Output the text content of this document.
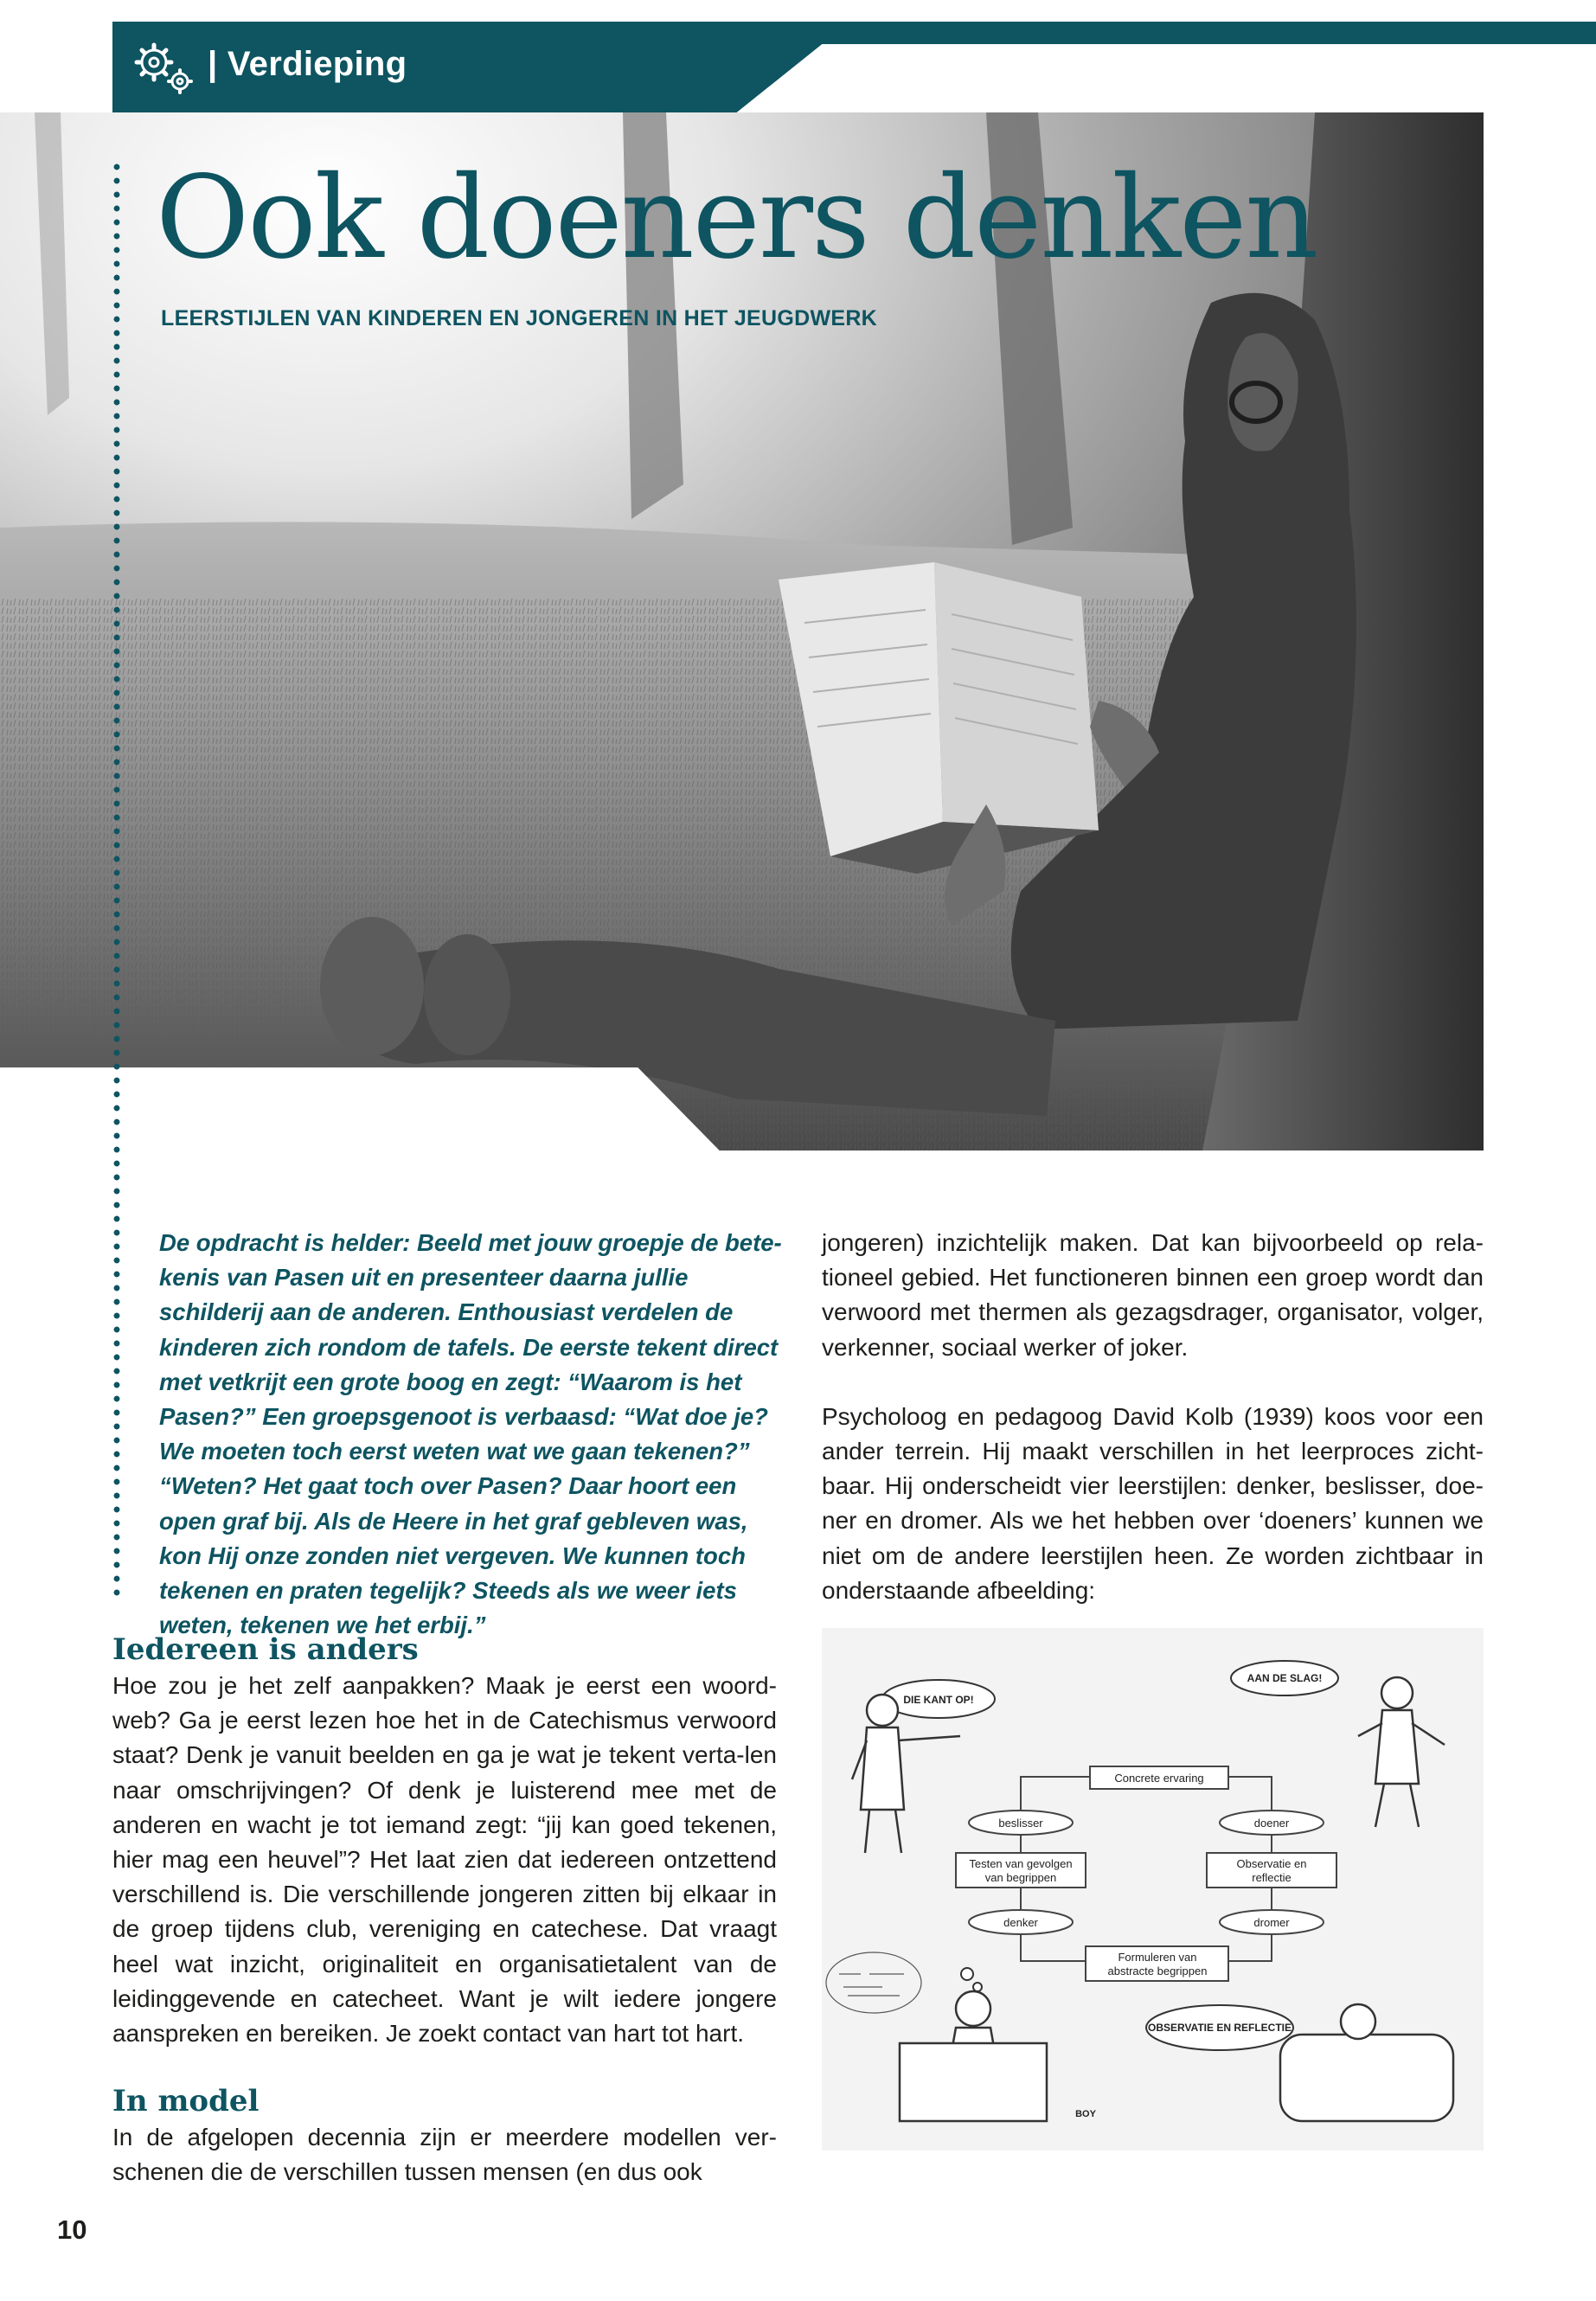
| Verdieping
Ook doeners denken
LEERSTIJLEN VAN KINDEREN EN JONGEREN IN HET JEUGDWERK

De opdracht is helder: Beeld met jouw groepje de bete-kenis van Pasen uit en presenteer daarna jullie schilderij aan de anderen. Enthousiast verdelen de kinderen zich rondom de tafels. De eerste tekent direct met vetkrijt een grote boog en zegt: “Waarom is het Pasen?” Een groepsgenoot is verbaasd: “Wat doe je? We moeten toch eerst weten wat we gaan tekenen?” “Weten? Het gaat toch over Pasen? Daar hoort een open graf bij. Als de Heere in het graf gebleven was, kon Hij onze zonden niet vergeven. We kunnen toch tekenen en praten tegelijk? Steeds als we weer iets weten, tekenen we het erbij.”

Iedereen is anders

Hoe zou je het zelf aanpakken? Maak je eerst een woord-web? Ga je eerst lezen hoe het in de Catechismus verwoord staat? Denk je vanuit beelden en ga je wat je tekent verta-len naar omschrijvingen? Of denk je luisterend mee met de anderen en wacht je tot iemand zegt: “jij kan goed tekenen, hier mag een heuvel”? Het laat zien dat iedereen ontzettend verschillend is. Die verschillende jongeren zitten bij elkaar in de groep tijdens club, vereniging en catechese. Dat vraagt heel wat inzicht, originaliteit en organisatietalent van de leidinggevende en catecheet. Want je wilt iedere jongere aanspreken en bereiken. Je zoekt contact van hart tot hart.

In model

In de afgelopen decennia zijn er meerdere modellen ver-schenen die de verschillen tussen mensen (en dus ook

jongeren) inzichtelijk maken. Dat kan bijvoorbeeld op rela-tioneel gebied. Het functioneren binnen een groep wordt dan verwoord met thermen als gezagsdrager, organisator, volger, verkenner, sociaal werker of joker.

Psycholoog en pedagoog David Kolb (1939) koos voor een ander terrein. Hij maakt verschillen in het leerproces zicht-baar. Hij onderscheidt vier leerstijlen: denker, beslisser, doe-ner en dromer. Als we het hebben over ‘doeners’ kunnen we niet om de andere leerstijlen heen. Ze worden zichtbaar in onderstaande afbeelding:

Concrete ervaring
Testen van gevolgen
van begrippen
Observatie en
reflectie
Formuleren van
abstracte begrippen
beslisser	doener
denker	dromer
DIE KANT OP!
AAN DE SLAG!
OBSERVATIE EN REFLECTIE
BOY
10
